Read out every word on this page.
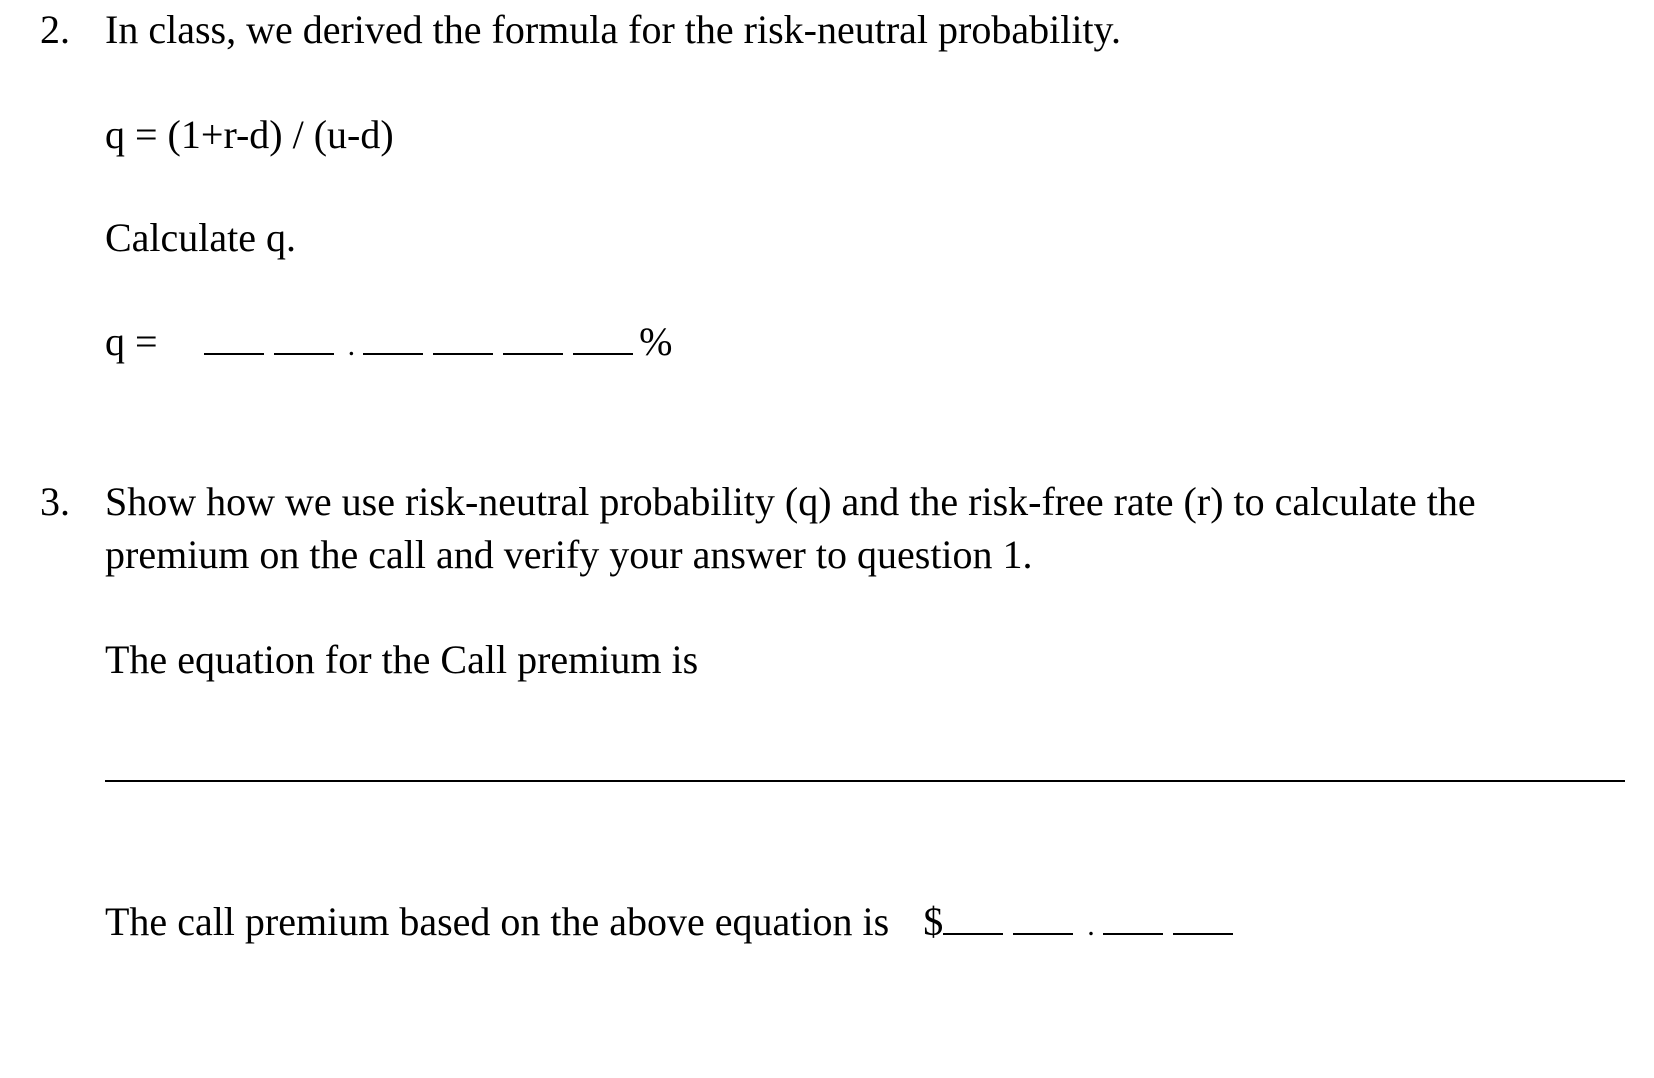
2. In class, we derived the formula for the risk-neutral probability.
q = (1+r-d) / (u-d)
Calculate q.
q =	.	%
3. Show how we use risk-neutral probability (q) and the risk-free rate (r) to calculate the
premium on the call and verify your answer to question 1.
The equation for the Call premium is
The call premium based on the above equation is $	.
